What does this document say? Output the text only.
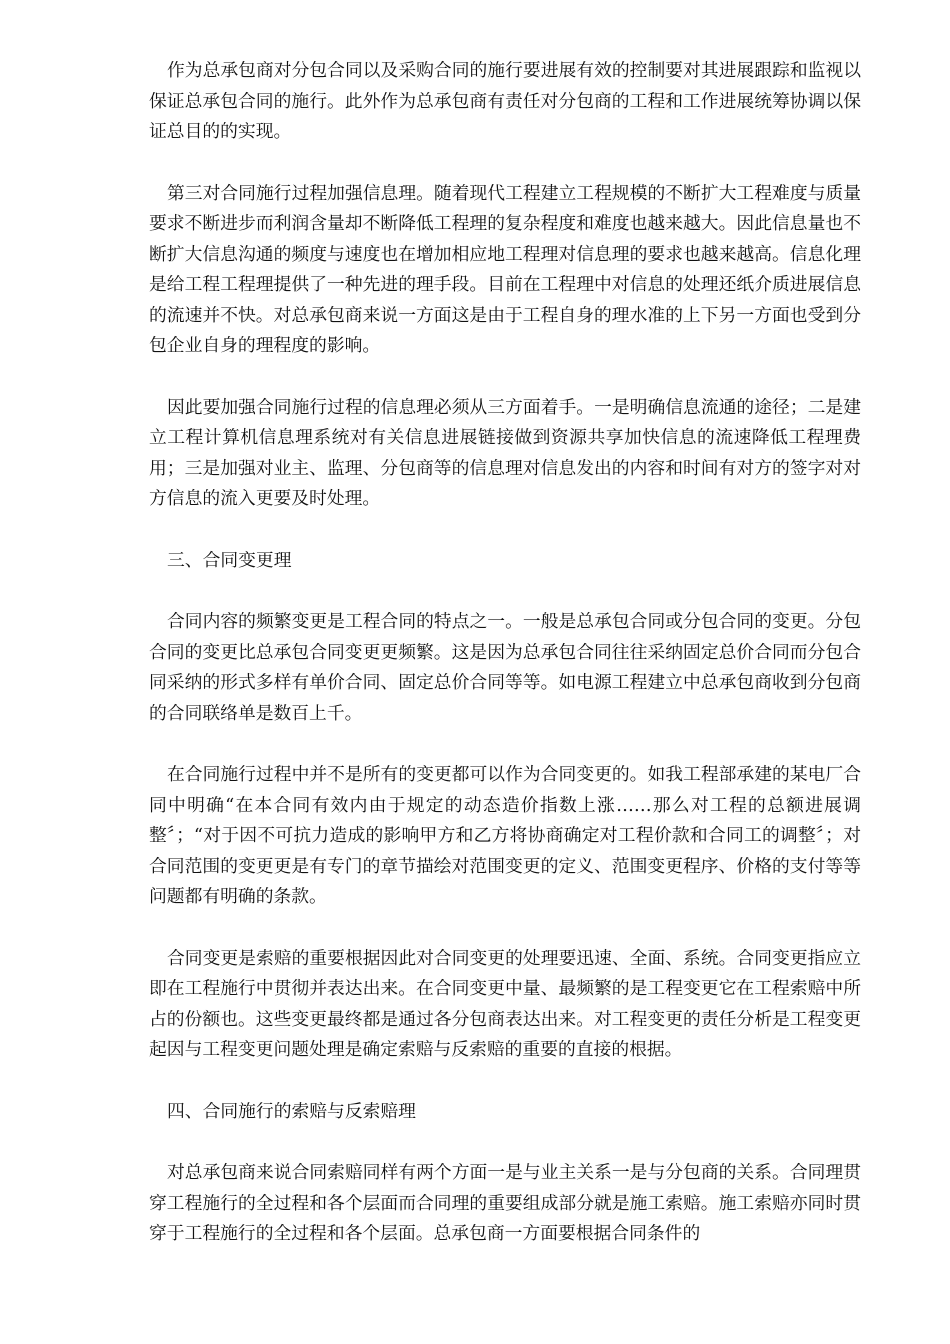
作为总承包商对分包合同以及采购合同的施行要进展有效的控制要对其进展跟踪和监视以保证总承包合同的施行。此外作为总承包商有责任对分包商的工程和工作进展统筹协调以保证总目的的实现。

第三对合同施行过程加强信息理。随着现代工程建立工程规模的不断扩大工程难度与质量要求不断进步而利润含量却不断降低工程理的复杂程度和难度也越来越大。因此信息量也不断扩大信息沟通的频度与速度也在增加相应地工程理对信息理的要求也越来越高。信息化理是给工程工程理提供了一种先进的理手段。目前在工程理中对信息的处理还纸介质进展信息的流速并不快。对总承包商来说一方面这是由于工程自身的理水准的上下另一方面也受到分包企业自身的理程度的影响。

因此要加强合同施行过程的信息理必须从三方面着手。一是明确信息流通的途径；二是建立工程计算机信息理系统对有关信息进展链接做到资源共享加快信息的流速降低工程理费用；三是加强对业主、监理、分包商等的信息理对信息发出的内容和时间有对方的签字对对方信息的流入更要及时处理。

三、合同变更理

合同内容的频繁变更是工程合同的特点之一。一般是总承包合同或分包合同的变更。分包合同的变更比总承包合同变更更频繁。这是因为总承包合同往往采纳固定总价合同而分包合同采纳的形式多样有单价合同、固定总价合同等等。如电源工程建立中总承包商收到分包商的合同联络单是数百上千。

在合同施行过程中并不是所有的变更都可以作为合同变更的。如我工程部承建的某电厂合同中明确“在本合同有效内由于规定的动态造价指数上涨……那么对工程的总额进展调整〞；“对于因不可抗力造成的影响甲方和乙方将协商确定对工程价款和合同工的调整〞；对合同范围的变更更是有专门的章节描绘对范围变更的定义、范围变更程序、价格的支付等等问题都有明确的条款。

合同变更是索赔的重要根据因此对合同变更的处理要迅速、全面、系统。合同变更指应立即在工程施行中贯彻并表达出来。在合同变更中量、最频繁的是工程变更它在工程索赔中所占的份额也。这些变更最终都是通过各分包商表达出来。对工程变更的责任分析是工程变更起因与工程变更问题处理是确定索赔与反索赔的重要的直接的根据。

四、合同施行的索赔与反索赔理

对总承包商来说合同索赔同样有两个方面一是与业主关系一是与分包商的关系。合同理贯穿工程施行的全过程和各个层面而合同理的重要组成部分就是施工索赔。施工索赔亦同时贯穿于工程施行的全过程和各个层面。总承包商一方面要根据合同条件的
